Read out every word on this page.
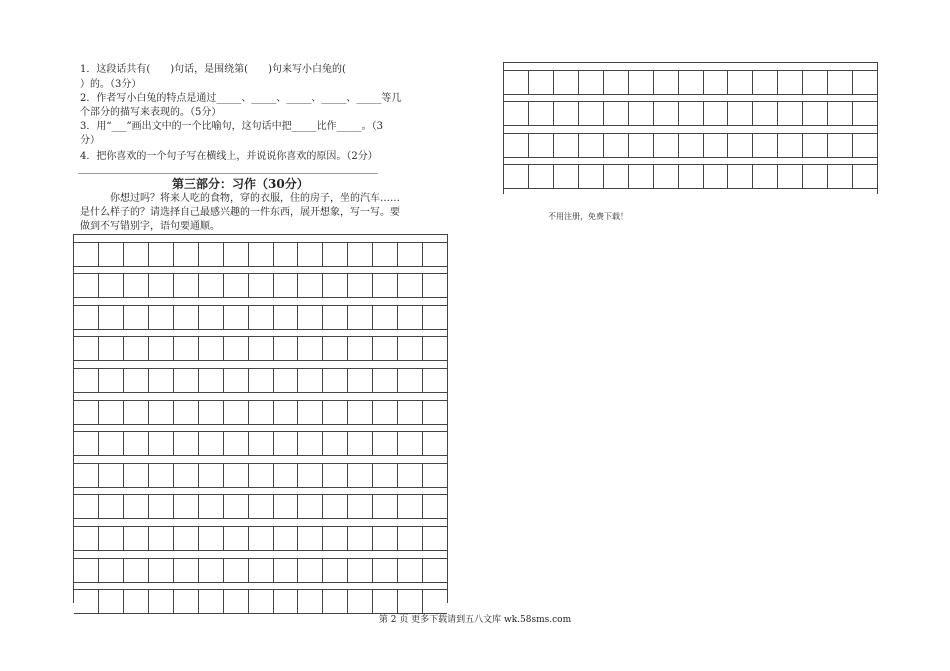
1．这段话共有(　　)句话，是围绕第(　　)句来写小白兔的(
）的。（3分）
2．作者写小白兔的特点是通过_____、_____、_____、_____、_____等几
个部分的描写来表现的。（5分）
3．用“___”画出文中的一个比喻句，这句话中把_____比作_____。（3
分）
4．把你喜欢的一个句子写在横线上，并说说你喜欢的原因。（2分）
第三部分：习作（30分）
你想过吗？将来人吃的食物，穿的衣服，住的房子，坐的汽车……
是什么样子的？请选择自己最感兴趣的一件东西，展开想象，写一写。要
做到不写错别字，语句要通顺。
不用注册，免费下载！
第 2 页 更多下载请到五八文库 wk.58sms.com
